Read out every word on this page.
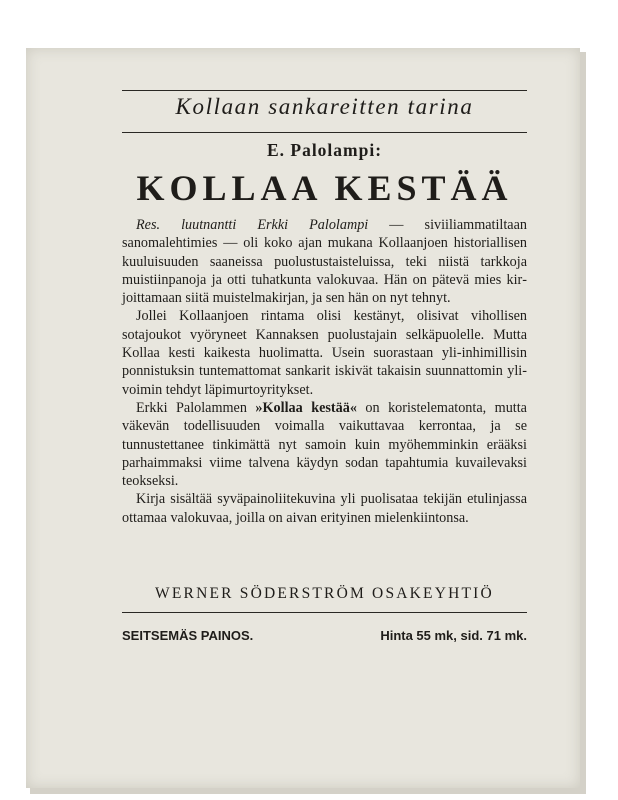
Kollaan sankareitten tarina
E. Palolampi:
KOLLAA KESTÄÄ

Res. luutnantti Erkki Palolampi — siviiliammatiltaan sanomalehtimies — oli koko ajan mukana Kollaanjoen historiallisen kuuluisuuden saaneissa puolustustaisteluissa, teki niistä tarkkoja muistiinpanoja ja otti tuhatkunta valokuvaa. Hän on pätevä mies kirjoittamaan siitä muistelmakirjan, ja sen hän on nyt tehnyt.

Jollei Kollaanjoen rintama olisi kestänyt, olisivat vihollisen sotajoukot vyöryneet Kannaksen puolustajain selkäpuolelle. Mutta Kollaa kesti kaikesta huolimatta. Usein suorastaan yli-inhimillisin ponnistuksin tuntemattomat sankarit iskivät takaisin suunnattomin ylivoimin tehdyt läpimurtoyritykset.

Erkki Palolammen »Kollaa kestää« on koristelematonta, mutta väkevän todellisuuden voimalla vaikuttavaa kerrontaa, ja se tunnustettanee tinkimättä nyt samoin kuin myöhemminkin erääksi parhaimmaksi viime talvena käydyn sodan tapahtumia kuvailevaksi teokseksi.

Kirja sisältää syväpainoliitekuvina yli puolisataa tekijän etulinjassa ottamaa valokuvaa, joilla on aivan erityinen mielenkiintonsa.

WERNER SÖDERSTRÖM OSAKEYHTIÖ
SEITSEMÄS PAINOS.	Hinta 55 mk, sid. 71 mk.
